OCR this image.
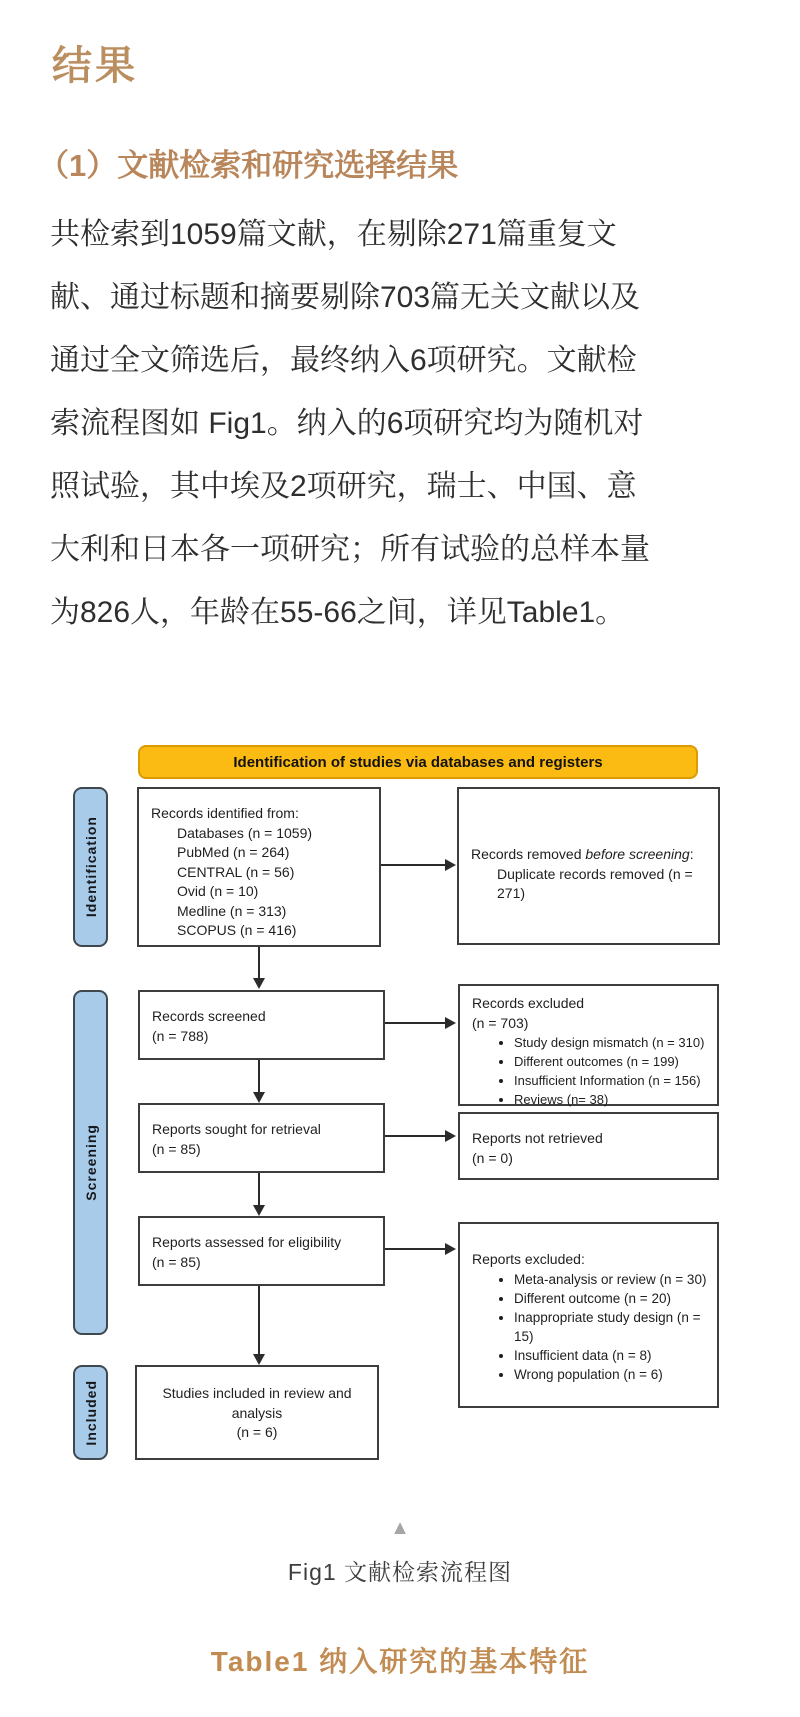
结果
（1）文献检索和研究选择结果
共检索到1059篇文献，在剔除271篇重复文
献、通过标题和摘要剔除703篇无关文献以及
通过全文筛选后，最终纳入6项研究。文献检
索流程图如 Fig1。纳入的6项研究均为随机对
照试验，其中埃及2项研究，瑞士、中国、意
大利和日本各一项研究；所有试验的总样本量
为826人，年龄在55-66之间，详见Table1。
Identification of studies via databases and registers
Identification
Screening
Included
Records identified from:
Databases (n = 1059)
PubMed (n = 264)
CENTRAL (n = 56)
Ovid (n = 10)
Medline (n = 313)
SCOPUS (n = 416)
Records removed before screening:
Duplicate records removed (n =
271)
Records screened
(n = 788)
Records excluded
(n = 703)
• Study design mismatch (n = 310)
• Different outcomes (n = 199)
• Insufficient Information (n = 156)
• Reviews (n= 38)
Reports sought for retrieval
(n = 85)
Reports not retrieved
(n = 0)
Reports assessed for eligibility
(n = 85)	Reports excluded:
• Meta-analysis or review (n = 30)
• Different outcome (n = 20)
• Inappropriate study design (n = 15)
• Insufficient data (n = 8)
• Wrong population (n = 6)
Studies included in review and
analysis
(n = 6)
▲
Fig1 文献检索流程图
Table1 纳入研究的基本特征
